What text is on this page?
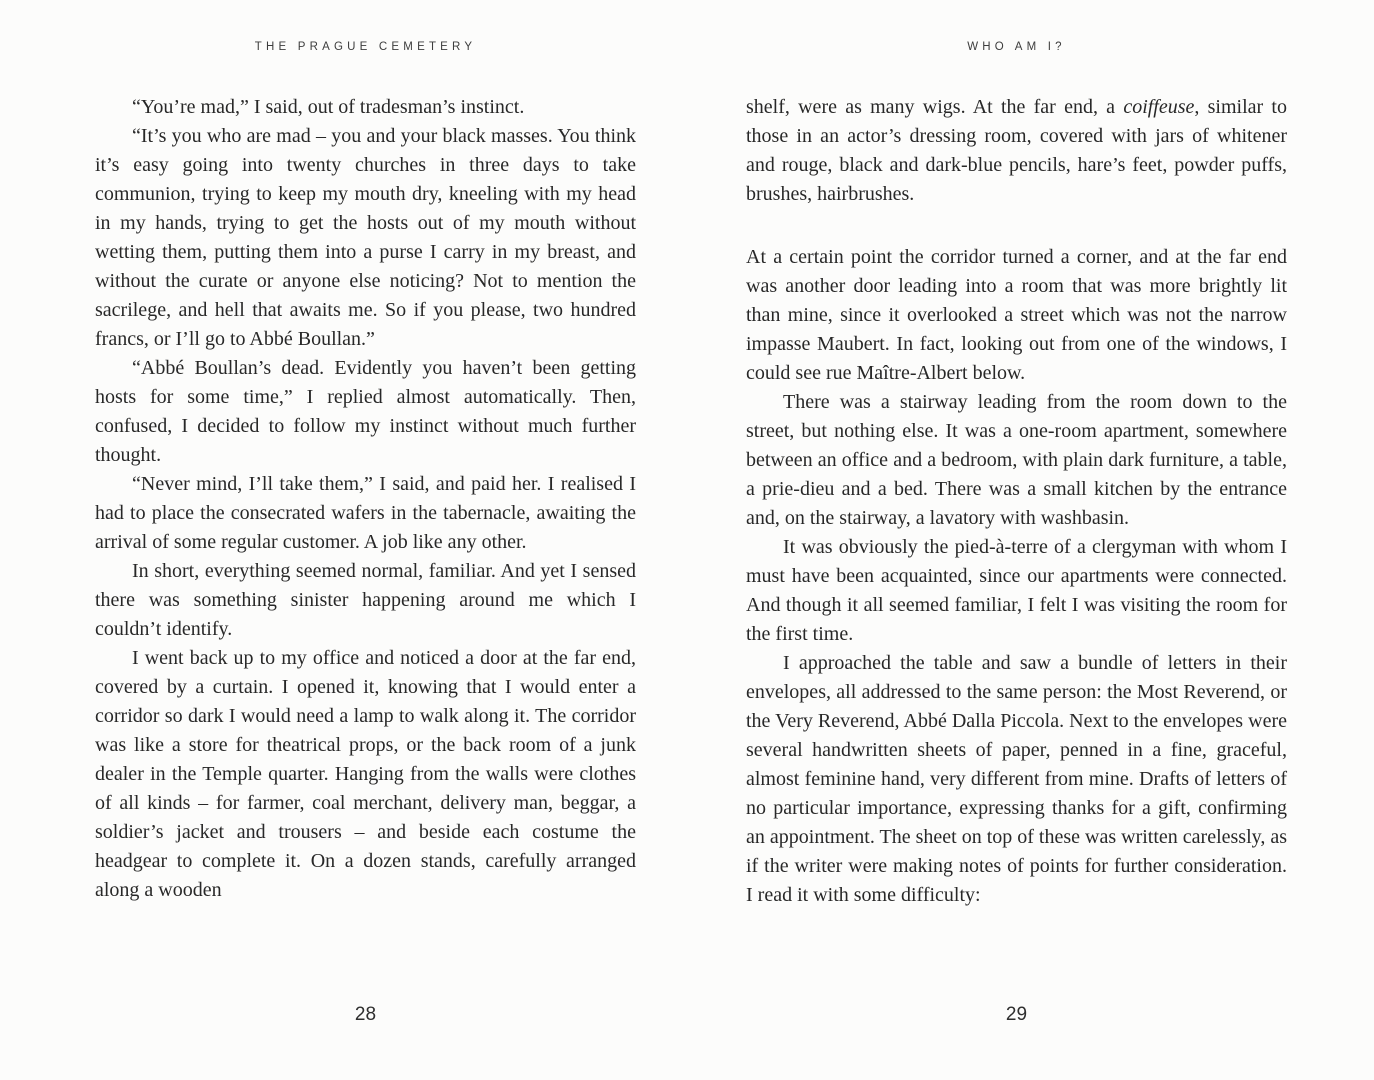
THE PRAGUE CEMETERY

“You’re mad,” I said, out of tradesman’s instinct.

“It’s you who are mad – you and your black masses. You think it’s easy going into twenty churches in three days to take communion, trying to keep my mouth dry, kneeling with my head in my hands, trying to get the hosts out of my mouth without wetting them, putting them into a purse I carry in my breast, and without the curate or anyone else noticing? Not to mention the sacrilege, and hell that awaits me. So if you please, two hundred francs, or I’ll go to Abbé Boullan.”

“Abbé Boullan’s dead. Evidently you haven’t been getting hosts for some time,” I replied almost automatically. Then, confused, I decided to follow my instinct without much further thought.

“Never mind, I’ll take them,” I said, and paid her. I realised I had to place the consecrated wafers in the tabernacle, awaiting the arrival of some regular customer. A job like any other.

In short, everything seemed normal, familiar. And yet I sensed there was something sinister happening around me which I couldn’t identify.

I went back up to my office and noticed a door at the far end, covered by a curtain. I opened it, knowing that I would enter a corridor so dark I would need a lamp to walk along it. The corridor was like a store for theatrical props, or the back room of a junk dealer in the Temple quarter. Hanging from the walls were clothes of all kinds – for farmer, coal merchant, delivery man, beggar, a soldier’s jacket and trousers – and beside each costume the headgear to complete it. On a dozen stands, carefully arranged along a wooden

28
WHO AM I?

shelf, were as many wigs. At the far end, a coiffeuse, similar to those in an actor’s dressing room, covered with jars of whitener and rouge, black and dark-blue pencils, hare’s feet, powder puffs, brushes, hairbrushes.

At a certain point the corridor turned a corner, and at the far end was another door leading into a room that was more brightly lit than mine, since it overlooked a street which was not the narrow impasse Maubert. In fact, looking out from one of the windows, I could see rue Maître-Albert below.

There was a stairway leading from the room down to the street, but nothing else. It was a one-room apartment, somewhere between an office and a bedroom, with plain dark furniture, a table, a prie-dieu and a bed. There was a small kitchen by the entrance and, on the stairway, a lavatory with washbasin.

It was obviously the pied-à-terre of a clergyman with whom I must have been acquainted, since our apartments were connected. And though it all seemed familiar, I felt I was visiting the room for the first time.

I approached the table and saw a bundle of letters in their envelopes, all addressed to the same person: the Most Reverend, or the Very Reverend, Abbé Dalla Piccola. Next to the envelopes were several handwritten sheets of paper, penned in a fine, graceful, almost feminine hand, very different from mine. Drafts of letters of no particular importance, expressing thanks for a gift, confirming an appointment. The sheet on top of these was written carelessly, as if the writer were making notes of points for further consideration. I read it with some difficulty:

29
